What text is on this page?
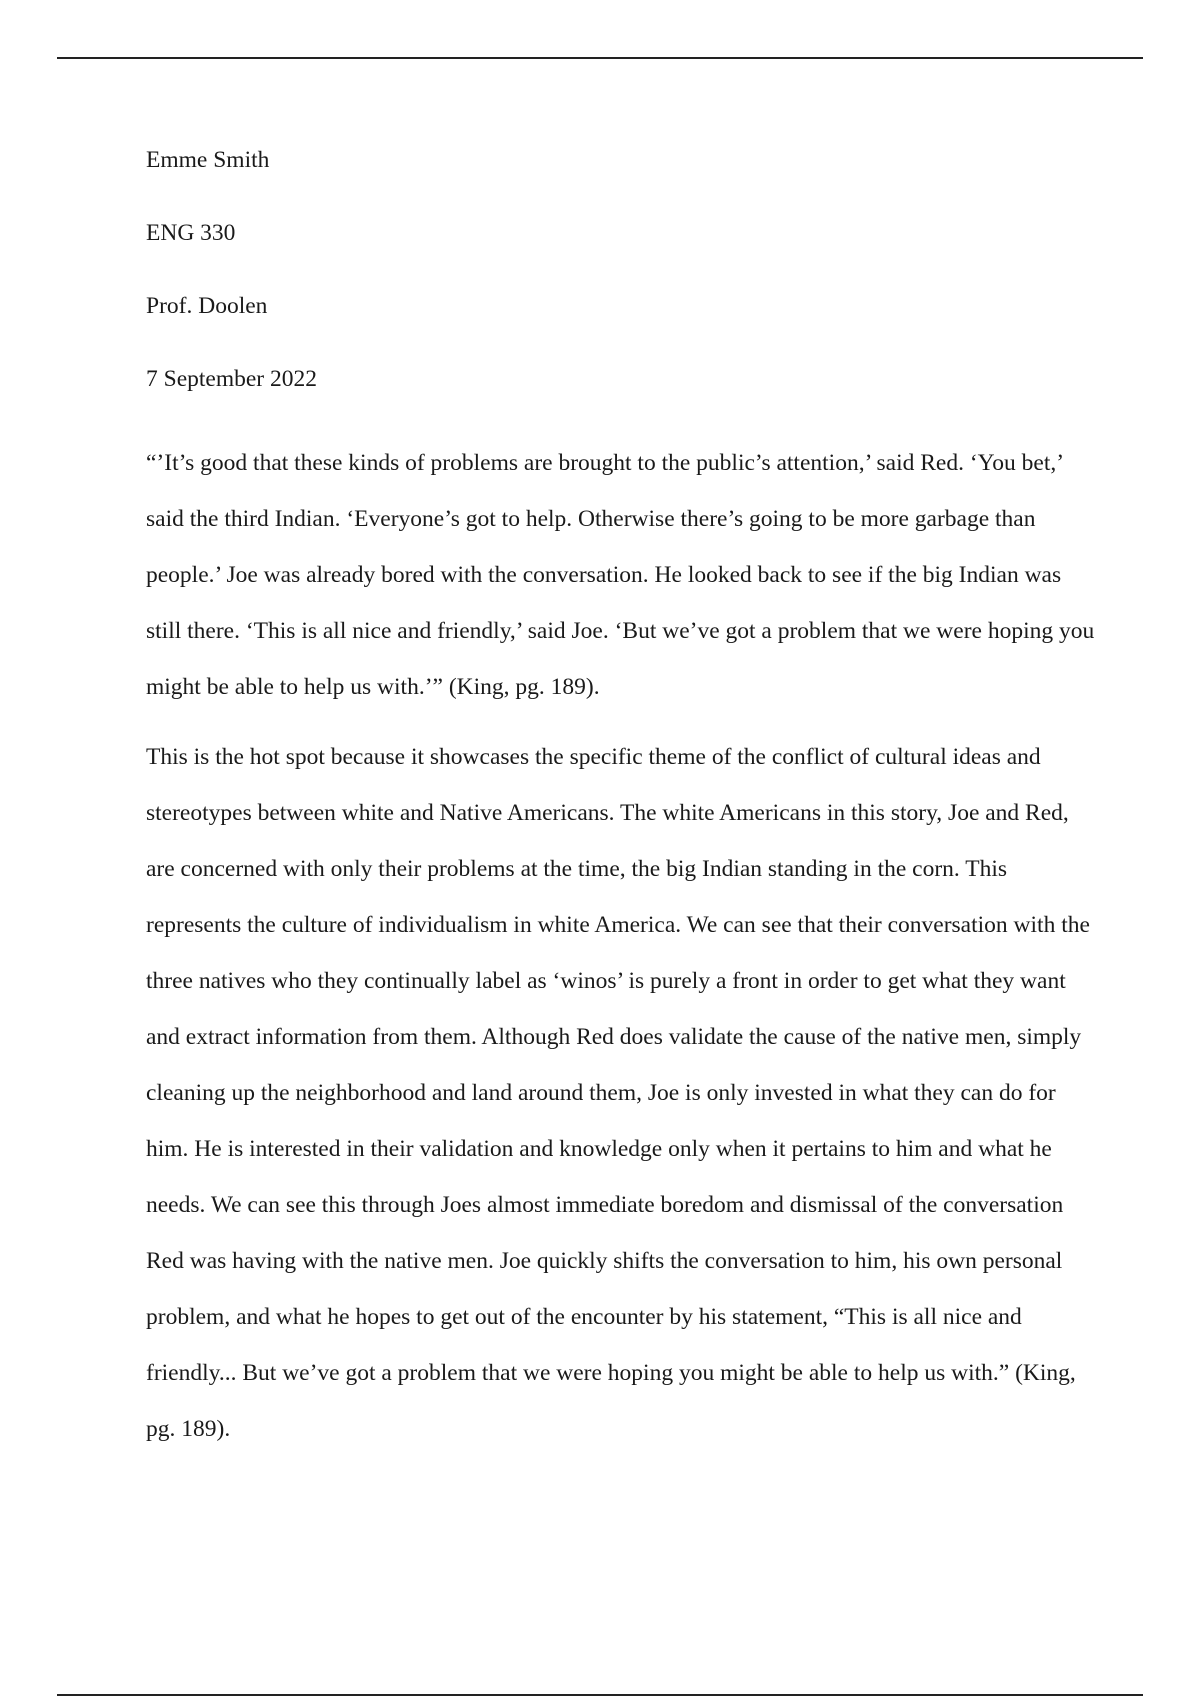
Emme Smith
ENG 330
Prof. Doolen
7 September 2022

“’It’s good that these kinds of problems are brought to the public’s attention,’ said Red. ‘You bet,’ said the third Indian. ‘Everyone’s got to help. Otherwise there’s going to be more garbage than people.’ Joe was already bored with the conversation. He looked back to see if the big Indian was still there. ‘This is all nice and friendly,’ said Joe. ‘But we’ve got a problem that we were hoping you might be able to help us with.’” (King, pg. 189).

This is the hot spot because it showcases the specific theme of the conflict of cultural ideas and stereotypes between white and Native Americans. The white Americans in this story, Joe and Red, are concerned with only their problems at the time, the big Indian standing in the corn. This represents the culture of individualism in white America. We can see that their conversation with the three natives who they continually label as ‘winos’ is purely a front in order to get what they want and extract information from them. Although Red does validate the cause of the native men, simply cleaning up the neighborhood and land around them, Joe is only invested in what they can do for him. He is interested in their validation and knowledge only when it pertains to him and what he needs. We can see this through Joes almost immediate boredom and dismissal of the conversation Red was having with the native men. Joe quickly shifts the conversation to him, his own personal problem, and what he hopes to get out of the encounter by his statement, “This is all nice and friendly... But we’ve got a problem that we were hoping you might be able to help us with.” (King, pg. 189).
